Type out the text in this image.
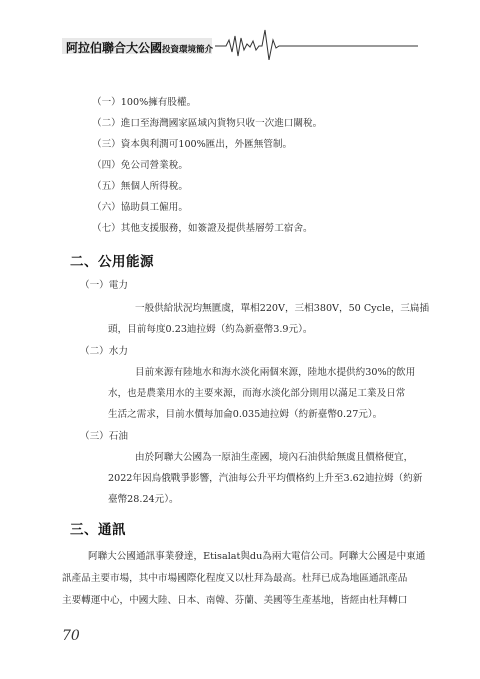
阿拉伯聯合大公國投資環境簡介
（一）100%擁有股權。
（二）進口至海灣國家區域內貨物只收一次進口關稅。
（三）資本與利潤可100%匯出，外匯無管制。
（四）免公司營業稅。
（五）無個人所得稅。
（六）協助員工僱用。
（七）其他支援服務，如簽證及提供基層勞工宿舍。
二、公用能源
（一）電力
一般供給狀況均無匱虞，單相220V，三相380V，50 Cycle，三扁插
頭，目前每度0.23迪拉姆（約為新臺幣3.9元）。
（二）水力
目前來源有陸地水和海水淡化兩個來源，陸地水提供約30%的飲用
水，也是農業用水的主要來源，而海水淡化部分則用以滿足工業及日常
生活之需求，目前水價每加侖0.035迪拉姆（約新臺幣0.27元）。
（三）石油
由於阿聯大公國為一原油生產國，境內石油供給無虞且價格便宜，
2022年因烏俄戰爭影響，汽油每公升平均價格約上升至3.62迪拉姆（約新
臺幣28.24元）。
三、通訊
阿聯大公國通訊事業發達，Etisalat與du為兩大電信公司。阿聯大公國是中東通
訊產品主要市場，其中市場國際化程度又以杜拜為最高。杜拜已成為地區通訊產品
主要轉運中心，中國大陸、日本、南韓、芬蘭、美國等生產基地，皆經由杜拜轉口
70
